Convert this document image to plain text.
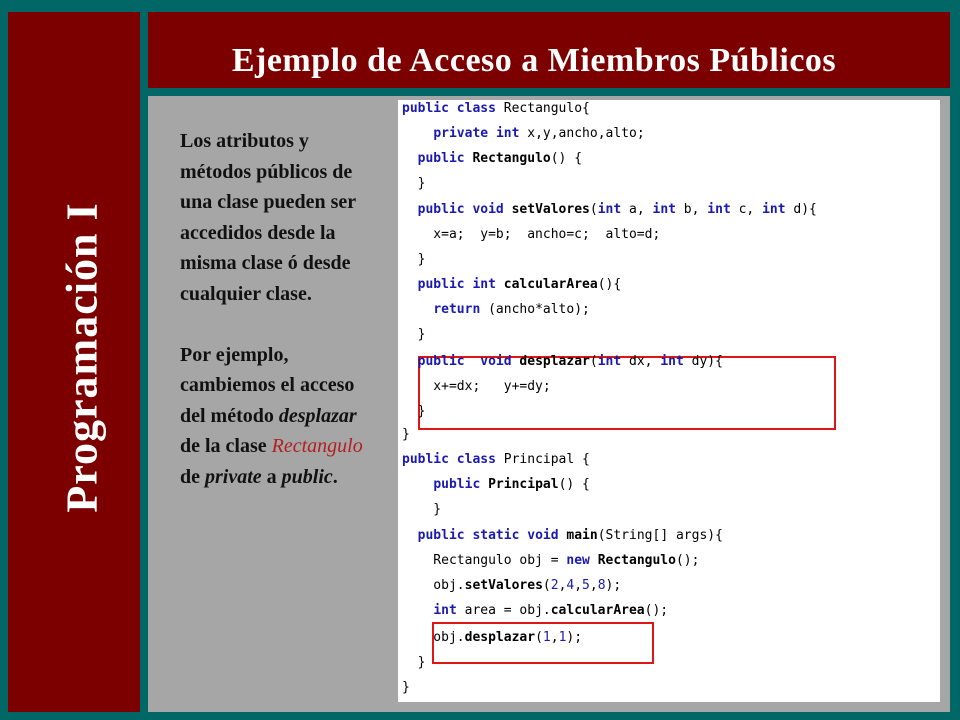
Programación I
Ejemplo de Acceso a Miembros Públicos

Los atributos y métodos públicos de una clase pueden ser accedidos desde la misma clase ó desde cualquier clase.

Por ejemplo, cambiemos el acceso del método desplazar de la clase Rectangulo de private a public.

public class Rectangulo{
private int x,y,ancho,alto;
public Rectangulo() {
}
public void setValores(int a, int b, int c, int d){
x=a;  y=b;  ancho=c;  alto=d;
}
public int calcularArea(){
return (ancho*alto);
}
public void desplazar(int dx, int dy){
x+=dx;   y+=dy;
}
}
public class Principal {
public Principal() {
}
public static void main(String[] args){
Rectangulo obj = new Rectangulo();
obj.setValores(2,4,5,8);
int area = obj.calcularArea();
obj.desplazar(1,1);
}
}
